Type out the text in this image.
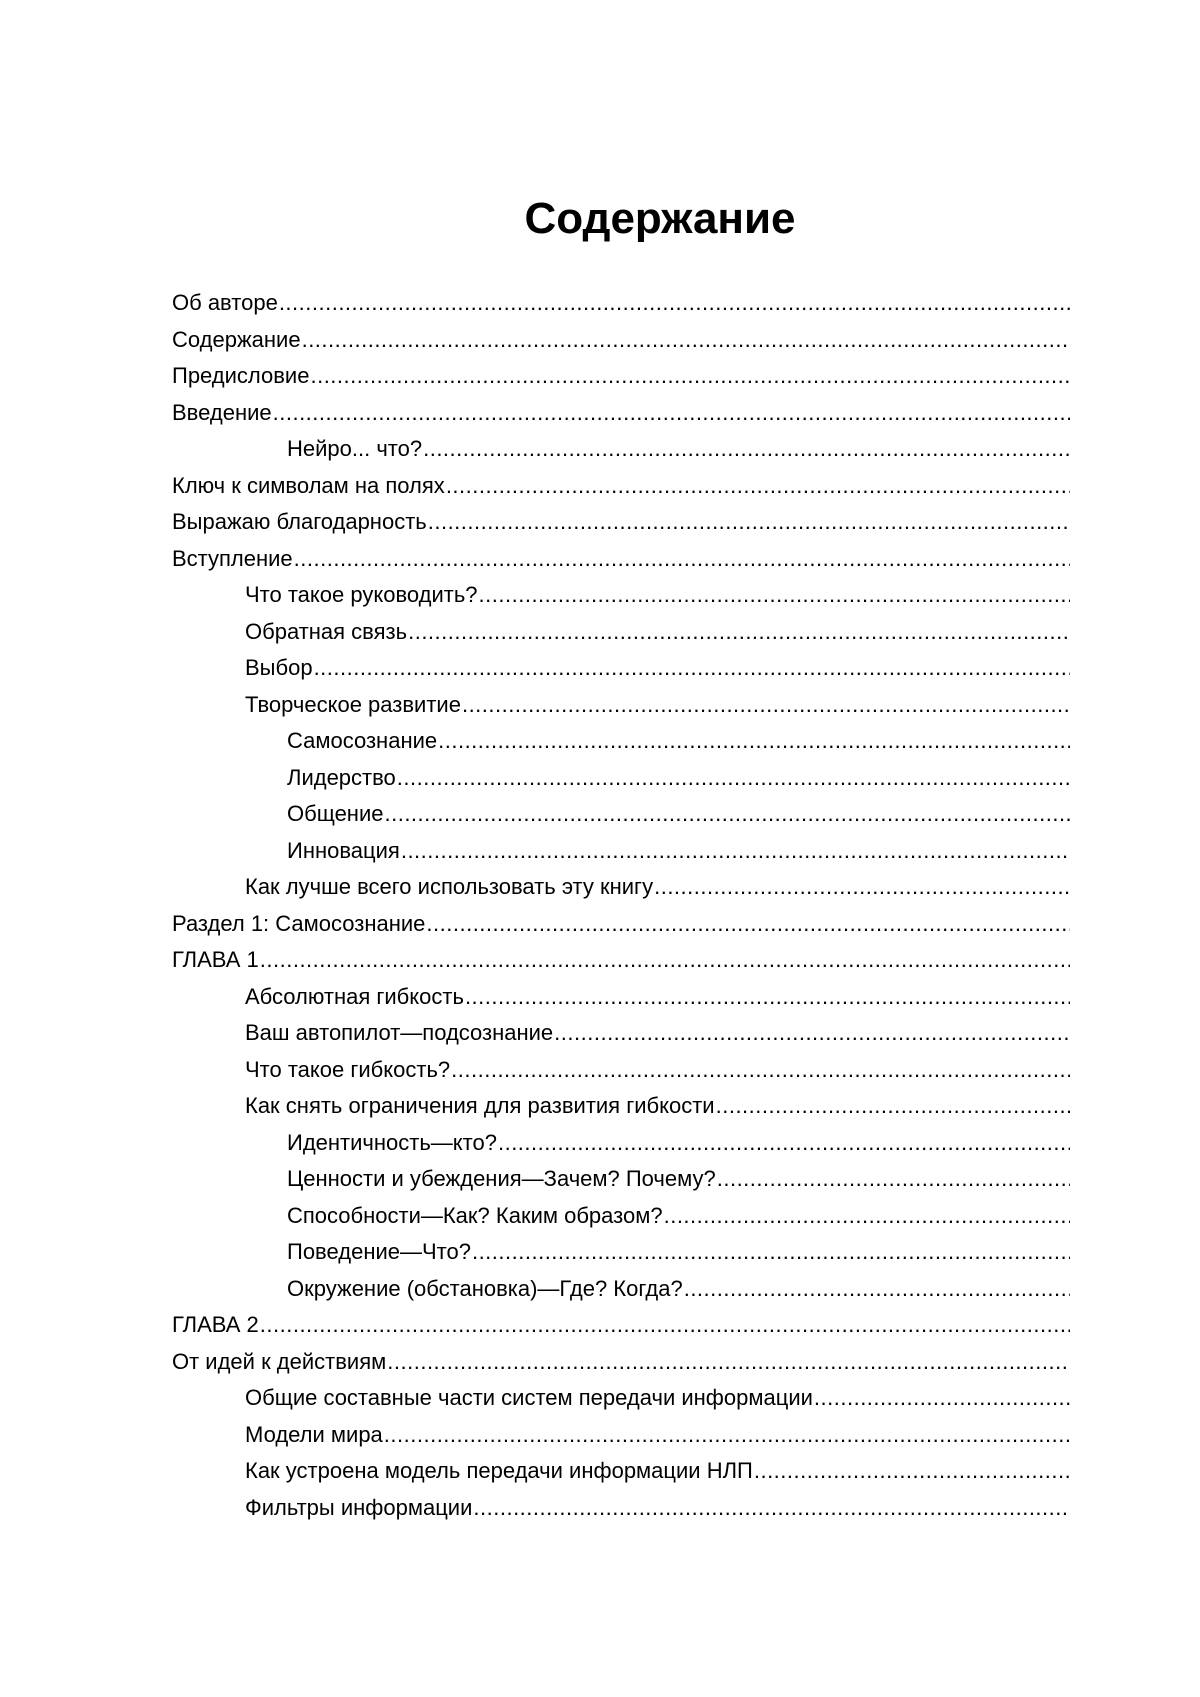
Содержание
Об авторе
.....
Содержание
.....
Предисловие
.....
Введение
.....
Нейро... что?
.....
Ключ к символам на полях
.....
Выражаю благодарность
.....
Вступление
.....
Что такое руководить?
.....
Обратная связь
.....
Выбор
.....
Творческое развитие
.....
Самосознание
.....
Лидерство
.....
Общение
.....
Инновация
.....
Как лучше всего использовать эту книгу
.....
Раздел 1: Самосознание
.....
ГЛАВА 1
.....
Абсолютная гибкость
.....
Ваш автопилот—подсознание
.....
Что такое гибкость?
.....
Как снять ограничения для развития гибкости
.....
Идентичность—кто?
.....
Ценности и убеждения—Зачем? Почему?
.....
Способности—Как? Каким образом?
.....
Поведение—Что?
.....
Окружение (обстановка)—Где? Когда?
.....
ГЛАВА 2
.....
От идей к действиям
.....
Общие составные части систем передачи информации
.....
Модели мира
.....
Как устроена модель передачи информации НЛП
.....
Фильтры информации
.....
